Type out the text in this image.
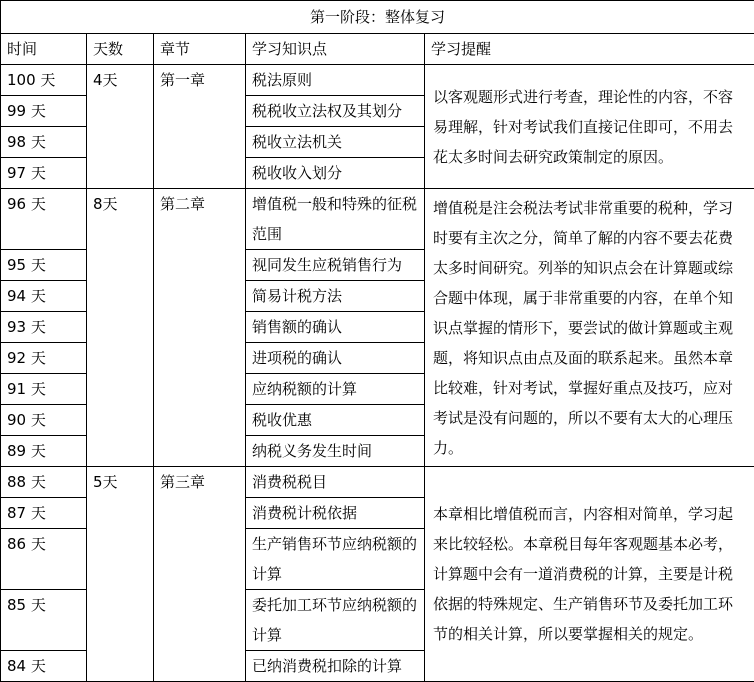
第一阶段：整体复习				
时间	天数	章节	学习知识点	学习提醒
100 天	4天	第一章	税法原则	以客观题形式进行考查，理论性的内容，不容易理解，针对考试我们直接记住即可，不用去花太多时间去研究政策制定的原因。
99 天			税税收立法权及其划分	
98 天			税收立法机关	
97 天			税收收入划分	
96 天	8天	第二章	增值税一般和特殊的征税范围	增值税是注会税法考试非常重要的税种，学习时要有主次之分，简单了解的内容不要去花费太多时间研究。列举的知识点会在计算题或综合题中体现，属于非常重要的内容，在单个知识点掌握的情形下，要尝试的做计算题或主观题，将知识点由点及面的联系起来。虽然本章比较难，针对考试，掌握好重点及技巧，应对考试是没有问题的，所以不要有太大的心理压力。
95 天			视同发生应税销售行为	
94 天			简易计税方法	
93 天			销售额的确认	
92 天			进项税的确认	
91 天			应纳税额的计算	
90 天			税收优惠	
89 天			纳税义务发生时间	
88 天	5天	第三章	消费税税目	本章相比增值税而言，内容相对简单，学习起来比较轻松。本章税目每年客观题基本必考，计算题中会有一道消费税的计算，主要是计税依据的特殊规定、生产销售环节及委托加工环节的相关计算，所以要掌握相关的规定。
87 天			消费税计税依据	
86 天			生产销售环节应纳税额的计算	
85 天			委托加工环节应纳税额的计算	
84 天			已纳消费税扣除的计算	
